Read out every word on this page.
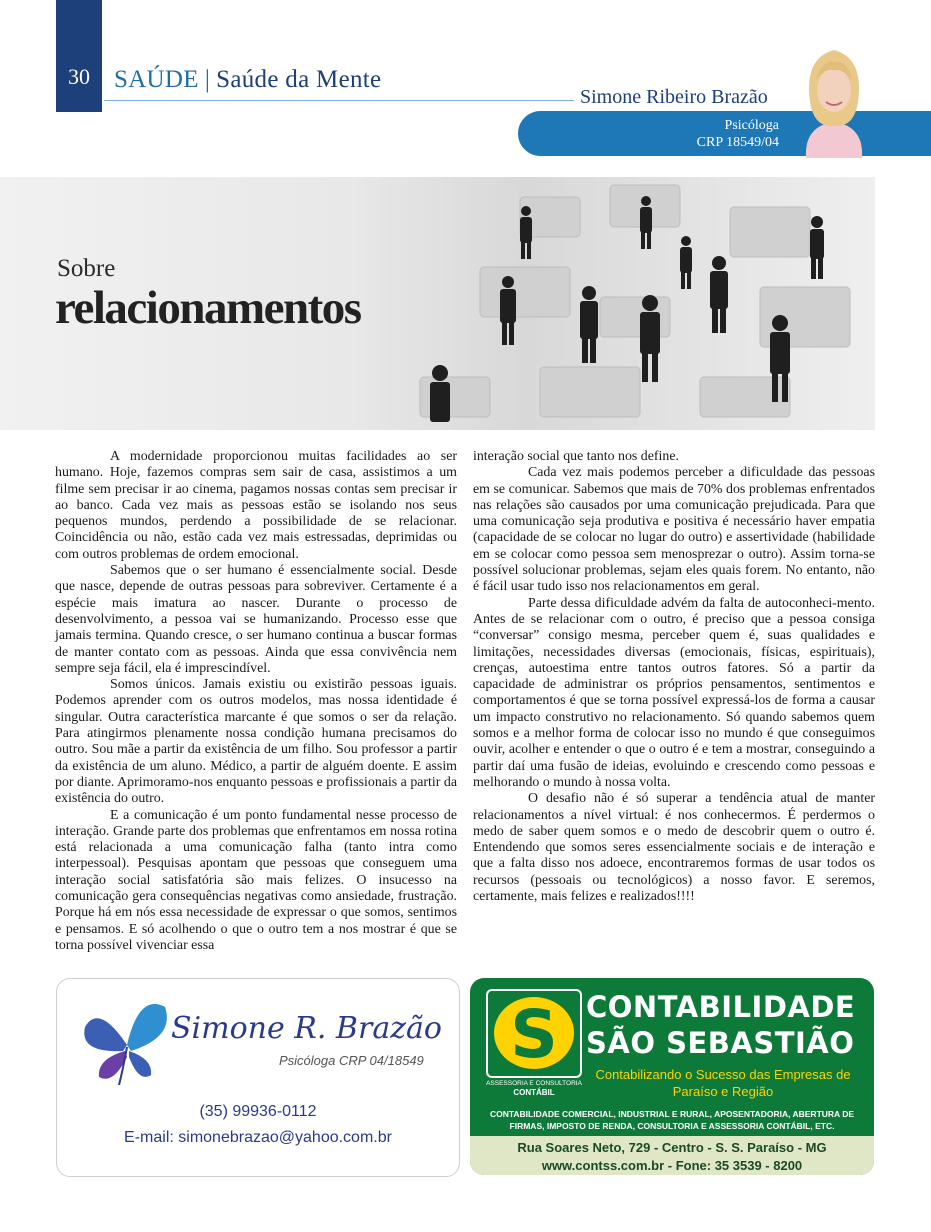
30 SAÚDE | Saúde da Mente
Simone Ribeiro Brazão
Psicóloga
CRP 18549/04
Sobre
relacionamentos

A modernidade proporcionou muitas facilidades ao ser humano. Hoje, fazemos compras sem sair de casa, assistimos a um filme sem precisar ir ao cinema, pagamos nossas contas sem precisar ir ao banco. Cada vez mais as pessoas estão se isolando nos seus pequenos mundos, perdendo a possibilidade de se relacionar. Coincidência ou não, estão cada vez mais estressadas, deprimidas ou com outros problemas de ordem emocional.

Sabemos que o ser humano é essencialmente social. Desde que nasce, depende de outras pessoas para sobreviver. Certamente é a espécie mais imatura ao nascer. Durante o processo de desenvolvimento, a pessoa vai se humanizando. Processo esse que jamais termina. Quando cresce, o ser humano continua a buscar formas de manter contato com as pessoas. Ainda que essa convivência nem sempre seja fácil, ela é imprescindível.

Somos únicos. Jamais existiu ou existirão pessoas iguais. Podemos aprender com os outros modelos, mas nossa identidade é singular. Outra característica marcante é que somos o ser da relação. Para atingirmos plenamente nossa condição humana precisamos do outro. Sou mãe a partir da existência de um filho. Sou professor a partir da existência de um aluno. Médico, a partir de alguém doente. E assim por diante. Aprimoramo-nos enquanto pessoas e profissionais a partir da existência do outro.

E a comunicação é um ponto fundamental nesse processo de interação. Grande parte dos problemas que enfrentamos em nossa rotina está relacionada a uma comunicação falha (tanto intra como interpessoal). Pesquisas apontam que pessoas que conseguem uma interação social satisfatória são mais felizes. O insucesso na comunicação gera consequências negativas como ansiedade, frustração. Porque há em nós essa necessidade de expressar o que somos, sentimos e pensamos. E só acolhendo o que o outro tem a nos mostrar é que se torna possível vivenciar essa

interação social que tanto nos define.

Cada vez mais podemos perceber a dificuldade das pessoas em se comunicar. Sabemos que mais de 70% dos problemas enfrentados nas relações são causados por uma comunicação prejudicada. Para que uma comunicação seja produtiva e positiva é necessário haver empatia (capacidade de se colocar no lugar do outro) e assertividade (habilidade em se colocar como pessoa sem menosprezar o outro). Assim torna-se possível solucionar problemas, sejam eles quais forem. No entanto, não é fácil usar tudo isso nos relacionamentos em geral.

Parte dessa dificuldade advém da falta de autoconheci-mento. Antes de se relacionar com o outro, é preciso que a pessoa consiga “conversar” consigo mesma, perceber quem é, suas qualidades e limitações, necessidades diversas (emocionais, físicas, espirituais), crenças, autoestima entre tantos outros fatores. Só a partir da capacidade de administrar os próprios pensamentos, sentimentos e comportamentos é que se torna possível expressá-los de forma a causar um impacto construtivo no relacionamento. Só quando sabemos quem somos e a melhor forma de colocar isso no mundo é que conseguimos ouvir, acolher e entender o que o outro é e tem a mostrar, conseguindo a partir daí uma fusão de ideias, evoluindo e crescendo como pessoas e melhorando o mundo à nossa volta.

O desafio não é só superar a tendência atual de manter relacionamentos a nível virtual: é nos conhecermos. É perdermos o medo de saber quem somos e o medo de descobrir quem o outro é. Entendendo que somos seres essencialmente sociais e de interação e que a falta disso nos adoece, encontraremos formas de usar todos os recursos (pessoais ou tecnológicos) a nosso favor. E seremos, certamente, mais felizes e realizados!!!!

Simone R. Brazão
Psicóloga CRP 04/18549
(35) 99936-0112
E-mail: simonebrazao@yahoo.com.br
S
ASSESSORIA E CONSULTORIA
CONTÁBIL
CONTABILIDADE
SÃO SEBASTIÃO
Contabilizando o Sucesso das Empresas de Paraíso e Região
CONTABILIDADE COMERCIAL, INDUSTRIAL E RURAL, APOSENTADORIA, ABERTURA DE FIRMAS, IMPOSTO DE RENDA, CONSULTORIA E ASSESSORIA CONTÁBIL, ETC.
Rua Soares Neto, 729 - Centro - S. S. Paraíso - MG
www.contss.com.br - Fone: 35 3539 - 8200
